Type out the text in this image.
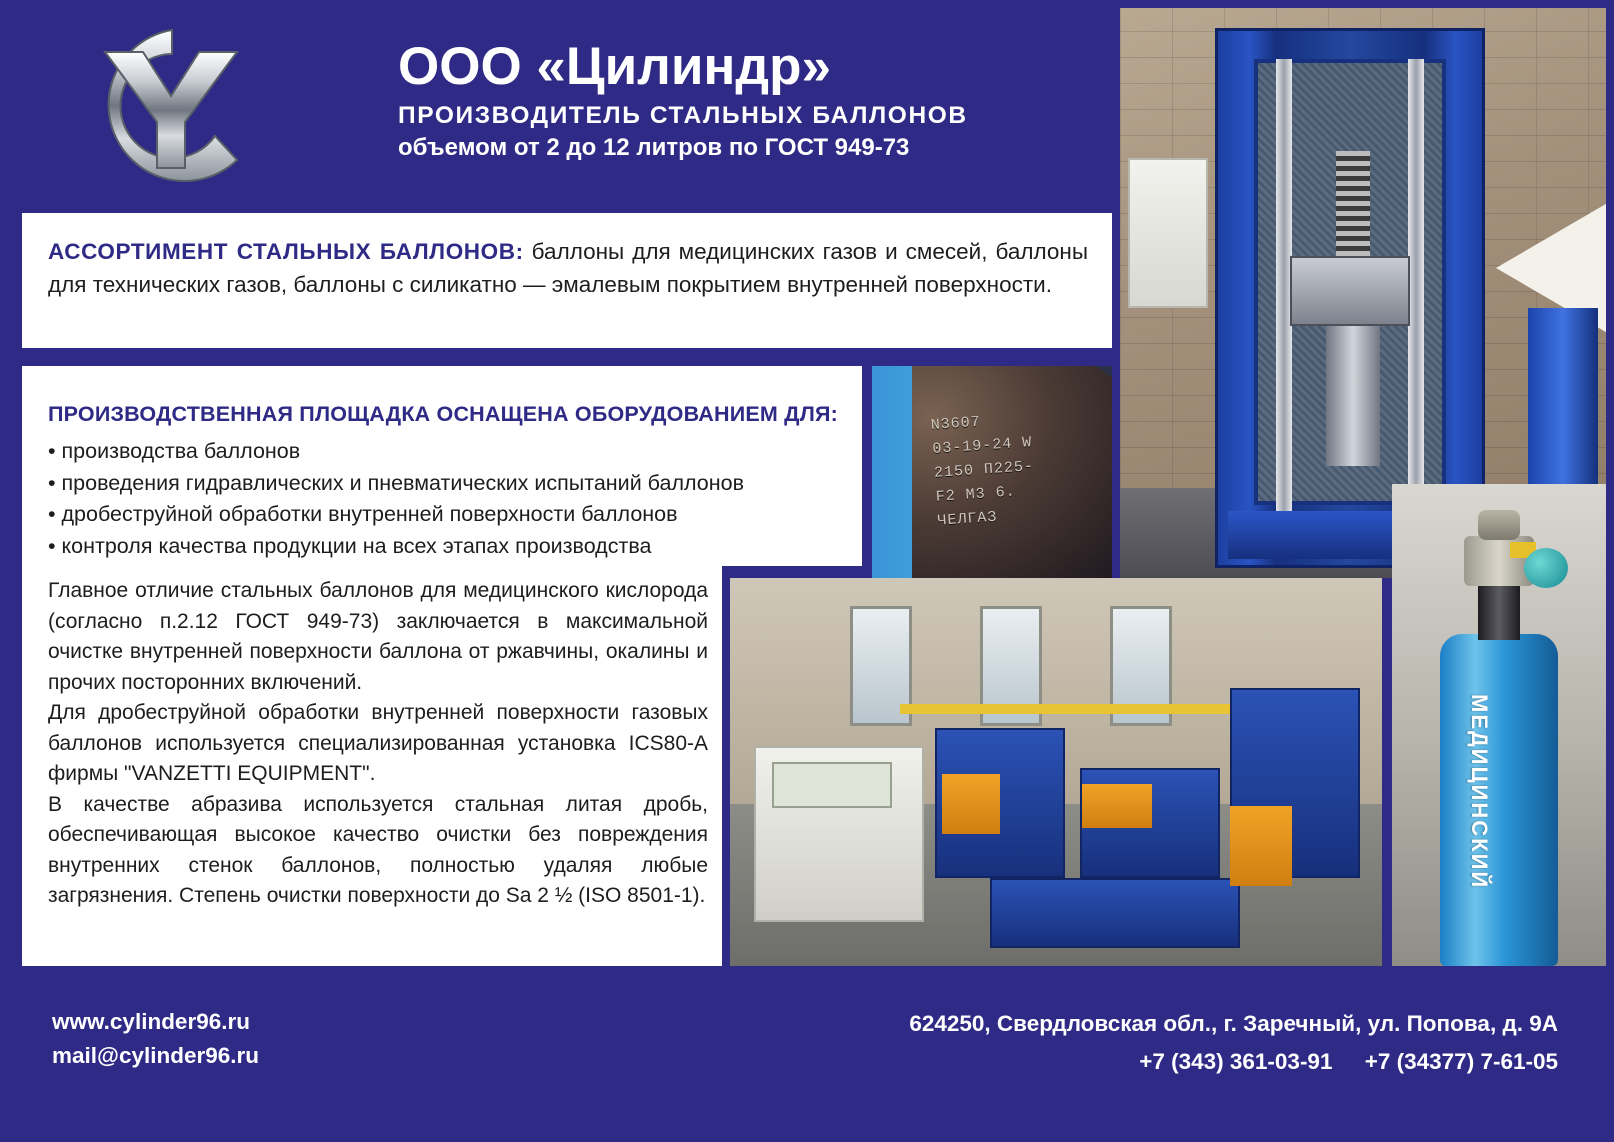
ООО «Цилиндр»
ПРОИЗВОДИТЕЛЬ СТАЛЬНЫХ БАЛЛОНОВ
объемом от 2 до 12 литров по ГОСТ 949-73
АССОРТИМЕНТ СТАЛЬНЫХ БАЛЛОНОВ: баллоны для медицинских газов и смесей, баллоны для технических газов, баллоны с силикатно — эмалевым покрытием внутренней поверхности.
ПРОИЗВОДСТВЕННАЯ ПЛОЩАДКА ОСНАЩЕНА ОБОРУДОВАНИЕМ ДЛЯ:
• производства баллонов
• проведения гидравлических и пневматических испытаний баллонов
• дробеструйной обработки внутренней поверхности баллонов
• контроля качества продукции на всех этапах производства
N3607
03-19-24 W
2150 П225-
F2 M3 6.
ЧЕЛГАЗ

Главное отличие стальных баллонов для медицинского кислорода (согласно п.2.12 ГОСТ 949-73) заключается в максимальной очистке внутренней поверхности баллона от ржавчины, окалины и прочих посторонних включений.

Для дробеструйной обработки внутренней поверхности газовых баллонов используется специализированная установка ICS80-A фирмы "VANZETTI EQUIPMENT".

В качестве абразива используется стальная литая дробь, обеспечивающая высокое качество очистки без повреждения внутренних стенок баллонов, полностью удаляя любые загрязнения. Степень очистки поверхности до Sa 2 ½ (ISO 8501-1).

МЕДИЦИНСКИЙ
www.cylinder96.ru
mail@cylinder96.ru
624250, Свердловская обл., г. Заречный, ул. Попова, д. 9А
+7 (343) 361-03-91 +7 (34377) 7-61-05
